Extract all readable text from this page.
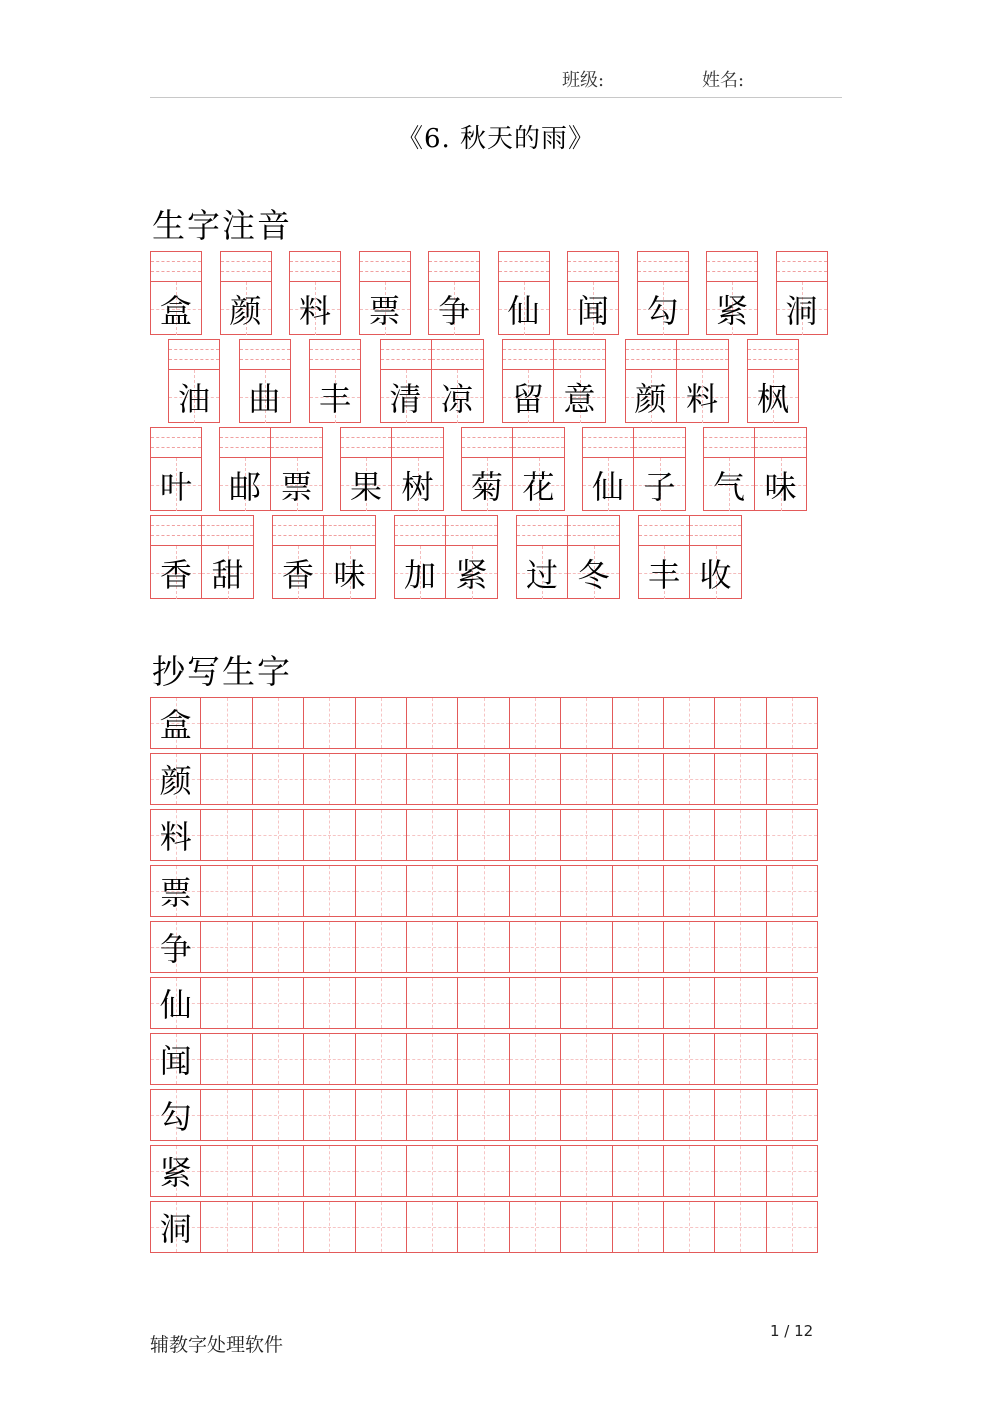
班级:	姓名:
《6. 秋天的雨》
生字注音
盒 颜 料 票 争 仙 闻 勾 紧 洞
油 曲 丰 清 凉 留 意 颜 料 枫
叶 邮 票 果 树 菊 花 仙 子 气 味
香 甜 香 味 加 紧 过 冬 丰 收
抄写生字
盒
颜
料
票
争
仙
闻
勾
紧
洞
辅教字处理软件
1 / 12
